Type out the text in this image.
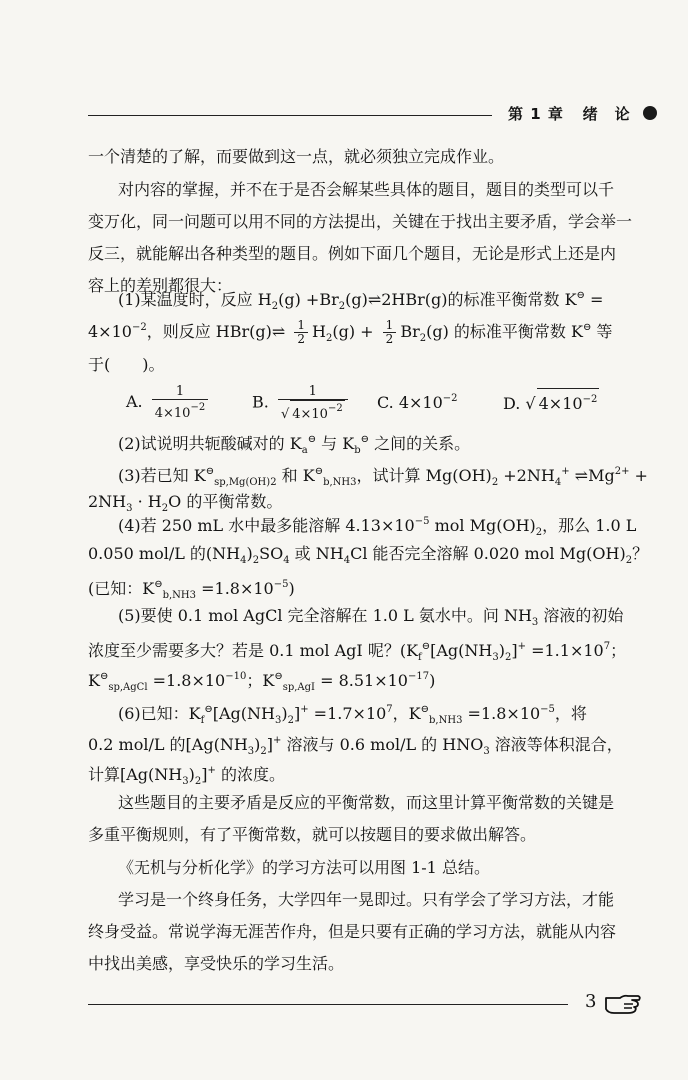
第 1 章 绪　论
一个清楚的了解，而要做到这一点，就必须独立完成作业。
对内容的掌握，并不在于是否会解某些具体的题目，题目的类型可以千
变万化，同一问题可以用不同的方法提出，关键在于找出主要矛盾，学会举一
反三，就能解出各种类型的题目。例如下面几个题目，无论是形式上还是内
容上的差别都很大：
(1)某温度时，反应 $H_2(g)$ $+Br_2(g)\rightleftharpoons 2HBr(g)$的标准平衡常数 K⊖ =
$4\times 10^{-2}$，则反应 HBr(g)⇌ $\frac{1}{2} H_2(g) + \frac{1}{2} Br_2(g)$ 的标准平衡常数 K⊖ 等
于(　　)。
A. $\frac{1}{4\times 10^{-2}}$	B. $\frac{1}{√ 4\times 10^{-2}} C$. $4\times 10^{-2}$	D. √ $4\times 10^{-2}$
(2)试说明共轭酸碱对的 $K_a^⊖$ 与 $K_b^⊖$ 之间的关系。
(3)若已知 $K^⊖_{sp,Mg(OH)2}$ 和 $K^⊖_{b,NH3}$，试计算 $Mg(OH)_2 +2NH_4^+$ $\rightleftharpoons Mg^{2+}$ +
$2NH_3 \cdot H_2O$ 的平衡常数。
(4)若 250 mL 水中最多能溶解 $4.13\times 10^{-5}$ mol $Mg(OH)_2$，那么 1.0 L
0.050 mol/L 的$(NH_4)_2SO_4$ 或 $NH_4Cl$ 能否完全溶解 0.020 mol $Mg(OH)_2$？
(已知：$K^⊖_{b,NH3} =1.8\times 10^{-5}$)
(5)要使 0.1 mol AgCl 完全溶解在 1.0 L 氨水中。问 $NH_3$ 溶液的初始
浓度至少需要多大？若是 0.1 mol AgI 呢？($K_f^⊖[Ag(NH_3)_2]^+ =1.1\times 10^7$；
$K^⊖_{sp,AgCl} =1.8\times 10^{-10}$；$K^⊖_{sp,AgI} = 8.51\times 10^{-17}$)
(6)已知：$K_f^⊖[Ag(NH_3)_2]^+ =1.7\times 10^7$，$K^⊖_{b,NH3} =1.8\times 10^{-5}$，将
0.2 mol/L 的$[Ag(NH_3)_2]^+$ 溶液与 0.6 mol/L 的 $HNO_3$ 溶液等体积混合，
计算$[Ag(NH_3)_2]^+$ 的浓度。
这些题目的主要矛盾是反应的平衡常数，而这里计算平衡常数的关键是
多重平衡规则，有了平衡常数，就可以按题目的要求做出解答。
《无机与分析化学》的学习方法可以用图 1-1 总结。
学习是一个终身任务，大学四年一晃即过。只有学会了学习方法，才能
终身受益。常说学海无涯苦作舟，但是只要有正确的学习方法，就能从内容
中找出美感，享受快乐的学习生活。
3
